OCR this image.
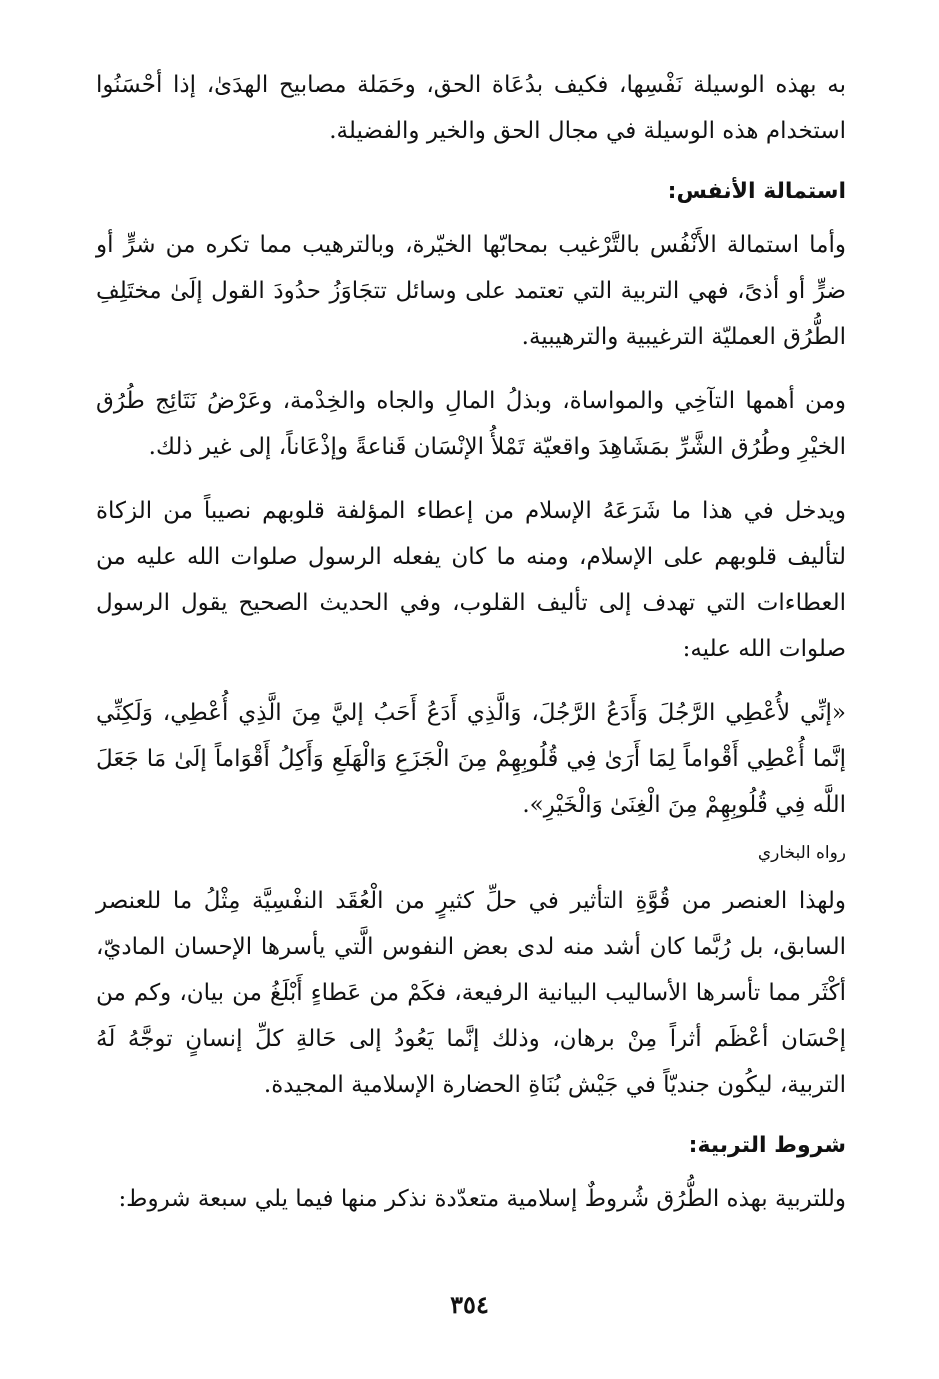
به بهذه الوسيلة نَفْسِها، فكيف بدُعَاة الحق، وحَمَلة مصابيح الهدَىٰ، إذا أحْسَنُوا استخدام هذه الوسيلة في مجال الحق والخير والفضيلة.

استمالة الأنفس:

وأما استمالة الأَنْفُس بالتَّرْغيب بمحابّها الخيّرة، وبالترهيب مما تكره من شرٍّ أو ضرٍّ أو أذىً، فهي التربية التي تعتمد على وسائل تتجَاوَزُ حدُودَ القول إلَىٰ مختَلِفِ الطُّرُق العمليّة الترغيبية والترهيبية.

ومن أهمها التآخِي والمواساة، وبذلُ المالِ والجاه والخِدْمة، وعَرْضُ نَتَائِج طُرُق الخيْرِ وطُرُق الشَّرِّ بمَشَاهِدَ واقعيّة تَمْلأُ الإنْسَان قَناعةً وإذْعَاناً، إلى غير ذلك.

ويدخل في هذا ما شَرَعَهُ الإسلام من إعطاء المؤلفة قلوبهم نصيباً من الزكاة لتأليف قلوبهم على الإسلام، ومنه ما كان يفعله الرسول صلوات الله عليه من العطاءات التي تهدف إلى تأليف القلوب، وفي الحديث الصحيح يقول الرسول صلوات الله عليه:

«إنِّي لأُعْطِي الرَّجُلَ وَأَدَعُ الرَّجُلَ، وَالَّذِي أَدَعُ أَحَبُ إليَّ مِنَ الَّذِي أُعْطِي، وَلَكِنِّي إنَّما أُعْطِي أَقْواماً لِمَا أَرَىٰ فِي قُلُوبِهِمْ مِنَ الْجَزَعِ وَالْهَلَعِ وَأَكِلُ أَقْوَاماً إلَىٰ مَا جَعَلَ اللَّه فِي قُلُوبِهِمْ مِنَ الْغِنَىٰ وَالْخَيْرِ».

رواه البخاري

ولهذا العنصر من قُوَّةِ التأثير في حلِّ كثيرٍ من الْعُقَد النفْسِيَّة مِثْلُ ما للعنصر السابق، بل رُبَّما كان أشد منه لدى بعض النفوس الَّتي يأسرها الإحسان الماديّ، أكْثَر مما تأسرها الأساليب البيانية الرفيعة، فكَمْ من عَطاءٍ أَبْلَغُ من بيان، وكم من إحْسَان أعْظَم أثراً مِنْ برهان، وذلك إنَّما يَعُودُ إلى حَالةِ كلِّ إنسانٍ توجَّهُ لَهُ التربية، ليكُون جنديّاً في جَيْش بُنَاةِ الحضارة الإسلامية المجيدة.

شروط التربية:

وللتربية بهذه الطُّرُق شُروطٌ إسلامية متعدّدة نذكر منها فيما يلي سبعة شروط:

٣٥٤
